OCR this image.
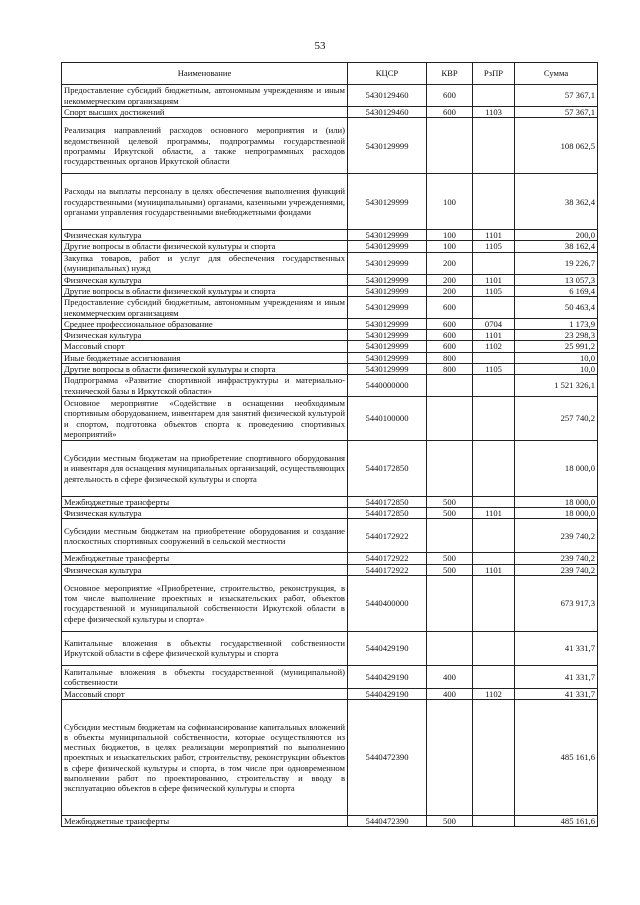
53
Наименование	КЦСР	КВР	РзПР	Сумма
Предоставление субсидий бюджетным, автономным учреждениям и иным некоммерческим организациям	5430129460	600		57 367,1
Спорт высших достижений	5430129460	600	1103	57 367,1
Реализация направлений расходов основного мероприятия и (или) ведомственной целевой программы, подпрограммы государственной программы Иркутской области, а также непрограммных расходов государственных органов Иркутской области	5430129999			108 062,5
Расходы на выплаты персоналу в целях обеспечения выполнения функций государственными (муниципальными) органами, казенными учреждениями, органами управления государственными внебюджетными фондами	5430129999	100		38 362,4
Физическая культура	5430129999	100	1101	200,0
Другие вопросы в области физической культуры и спорта	5430129999	100	1105	38 162,4
Закупка товаров, работ и услуг для обеспечения государственных (муниципальных) нужд	5430129999	200		19 226,7
Физическая культура	5430129999	200	1101	13 057,3
Другие вопросы в области физической культуры и спорта	5430129999	200	1105	6 169,4
Предоставление субсидий бюджетным, автономным учреждениям и иным некоммерческим организациям	5430129999	600		50 463,4
Среднее профессиональное образование	5430129999	600	0704	1 173,9
Физическая культура	5430129999	600	1101	23 298,3
Массовый спорт	5430129999	600	1102	25 991,2
Иные бюджетные ассигнования	5430129999	800		10,0
Другие вопросы в области физической культуры и спорта	5430129999	800	1105	10,0
Подпрограмма «Развитие спортивной инфраструктуры и материально- технической базы в Иркутской области»	5440000000			1 521 326,1
Основное мероприятие «Содействие в оснащении необходимым спортивным оборудованием, инвентарем для занятий физической культурой и спортом, подготовка объектов спорта к проведению спортивных мероприятий»	5440100000			257 740,2
Субсидии местным бюджетам на приобретение спортивного оборудования и инвентаря для оснащения муниципальных организаций, осуществляющих деятельность в сфере физической культуры и спорта	5440172850			18 000,0
Межбюджетные трансферты	5440172850	500		18 000,0
Физическая культура	5440172850	500	1101	18 000,0
Субсидии местным бюджетам на приобретение оборудования и создание плоскостных спортивных сооружений в сельской местности	5440172922			239 740,2
Межбюджетные трансферты	5440172922	500		239 740,2
Физическая культура	5440172922	500	1101	239 740,2
Основное мероприятие «Приобретение, строительство, реконструкция, в том числе выполнение проектных и изыскательских работ, объектов государственной и муниципальной собственности Иркутской области в сфере физической культуры и спорта»	5440400000			673 917,3
Капитальные вложения в объекты государственной собственности Иркутской области в сфере физической культуры и спорта	5440429190			41 331,7
Капитальные вложения в объекты государственной (муниципальной) собственности	5440429190	400		41 331,7
Массовый спорт	5440429190	400	1102	41 331,7
Субсидии местным бюджетам на софинансирование капитальных вложений в объекты муниципальной собственности, которые осуществляются из местных бюджетов, в целях реализации мероприятий по выполнению проектных и изыскательских работ, строительству, реконструкции объектов в сфере физической культуры и спорта, в том числе при одновременном выполнении работ по проектированию, строительству и вводу в эксплуатацию объектов в сфере физической культуры и спорта	5440472390			485 161,6
Межбюджетные трансферты	5440472390	500		485 161,6
